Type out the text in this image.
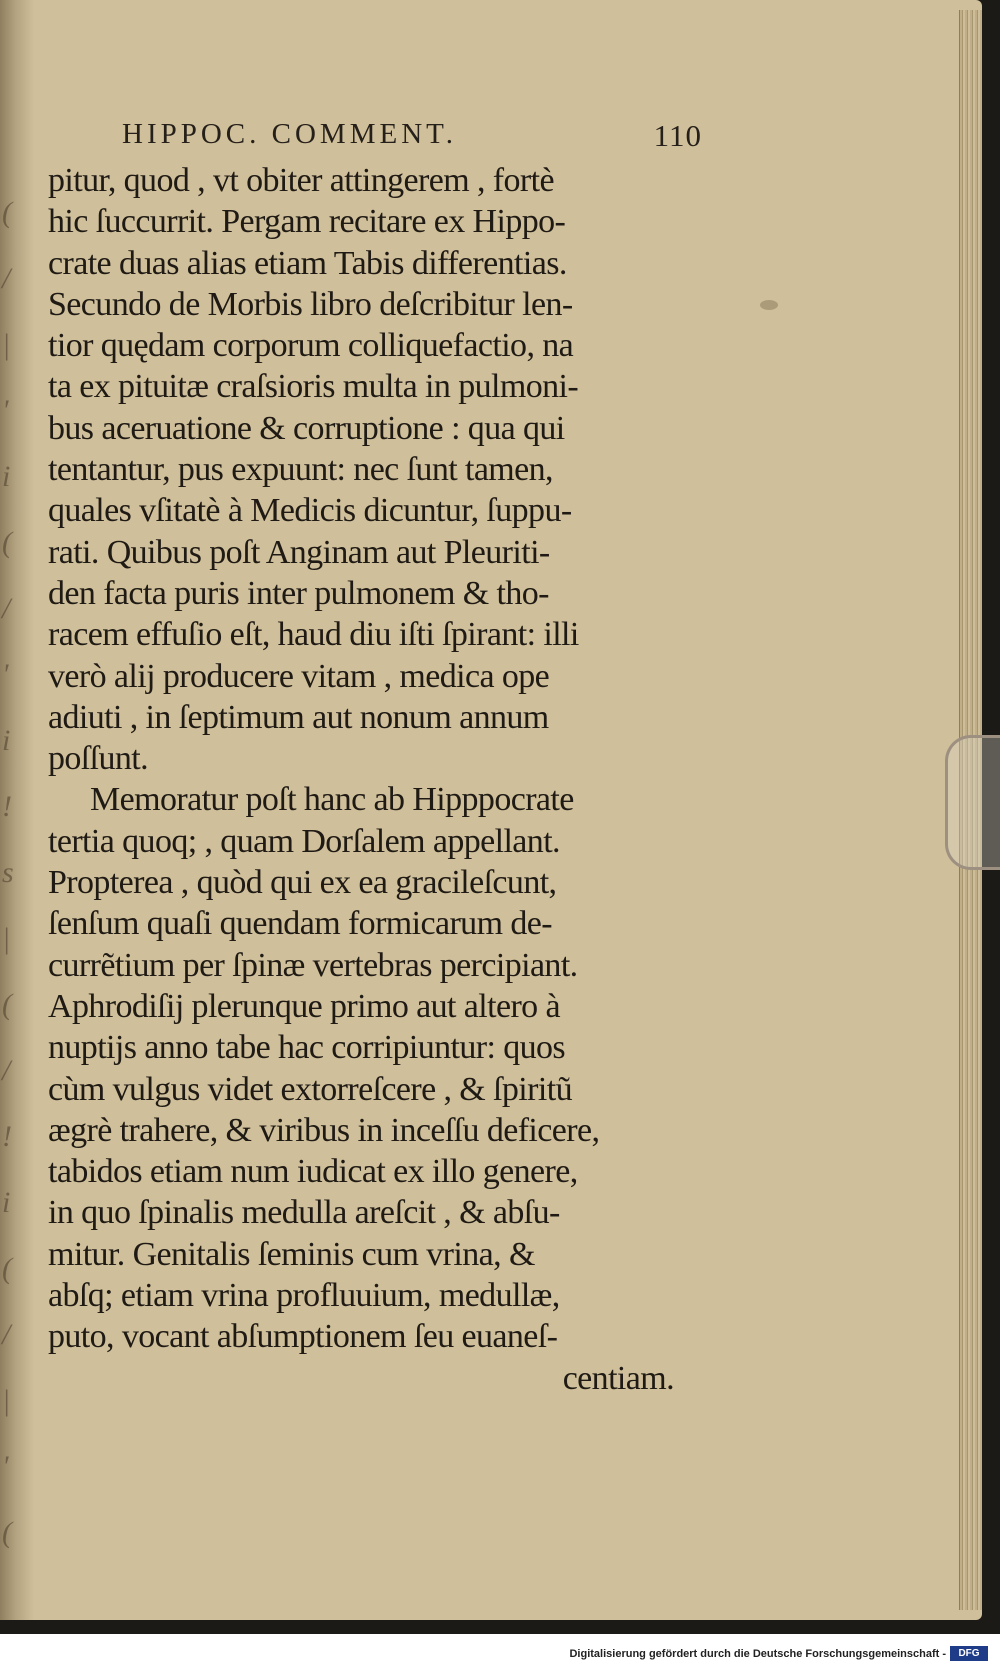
(
/
|
'
i
(
/
'
i
!
s
|
(
/
!
i
(
/
|
'
(
HIPPOC. COMMENT.	110
pitur, quod , vt obiter attingerem , fortè
hic ſuccurrit. Pergam recitare ex Hippo-
crate duas alias etiam Tabis differentias.
Secundo de Morbis libro deſcribitur len-
tior quędam corporum colliquefactio, na
ta ex pituitæ craſsioris multa in pulmoni-
bus aceruatione & corruptione : qua qui
tentantur, pus expuunt: nec ſunt tamen,
quales vſitatè à Medicis dicuntur, ſuppu-
rati. Quibus poſt Anginam aut Pleuriti-
den facta puris inter pulmonem & tho-
racem effuſio eſt, haud diu iſti ſpirant: illi
verò alij producere vitam , medica ope
adiuti , in ſeptimum aut nonum annum
poſſunt.
Memoratur poſt hanc ab Hipppocrate
tertia quoq; , quam Dorſalem appellant.
Propterea , quòd qui ex ea gracileſcunt,
ſenſum quaſi quendam formicarum de-
currẽtium per ſpinæ vertebras percipiant.
Aphrodiſij plerunque primo aut altero à
nuptijs anno tabe hac corripiuntur: quos
cùm vulgus videt extorreſcere , & ſpiritũ
ægrè trahere, & viribus in inceſſu deficere,
tabidos etiam num iudicat ex illo genere,
in quo ſpinalis medulla areſcit , & abſu-
mitur. Genitalis ſeminis cum vrina, &
abſq; etiam vrina profluuium, medullæ,
puto, vocant abſumptionem ſeu euaneſ-
centiam.
Digitalisierung gefördert durch die Deutsche Forschungsgemeinschaft -	DFG
